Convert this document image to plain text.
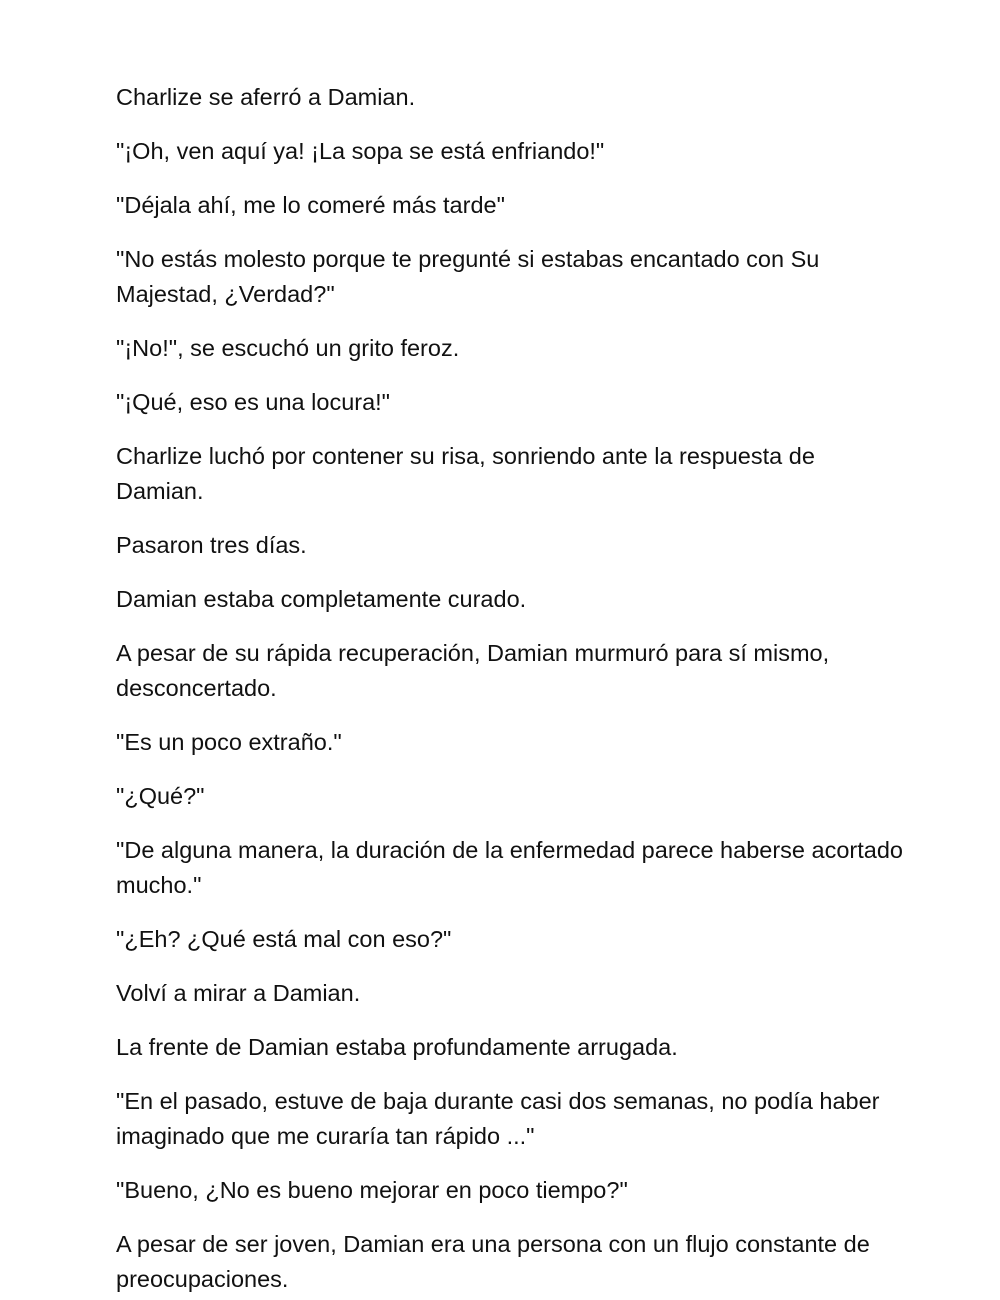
Charlize se aferró a Damian.

"¡Oh, ven aquí ya! ¡La sopa se está enfriando!"

"Déjala ahí, me lo comeré más tarde"

"No estás molesto porque te pregunté si estabas encantado con Su Majestad, ¿Verdad?"

"¡No!", se escuchó un grito feroz.

"¡Qué, eso es una locura!"

Charlize luchó por contener su risa, sonriendo ante la respuesta de Damian.

Pasaron tres días.

Damian estaba completamente curado.

A pesar de su rápida recuperación, Damian murmuró para sí mismo, desconcertado.

"Es un poco extraño."

"¿Qué?"

"De alguna manera, la duración de la enfermedad parece haberse acortado mucho."

"¿Eh? ¿Qué está mal con eso?"

Volví a mirar a Damian.

La frente de Damian estaba profundamente arrugada.

"En el pasado, estuve de baja durante casi dos semanas, no podía haber imaginado que me curaría tan rápido ..."

"Bueno, ¿No es bueno mejorar en poco tiempo?"

A pesar de ser joven, Damian era una persona con un flujo constante de preocupaciones.
